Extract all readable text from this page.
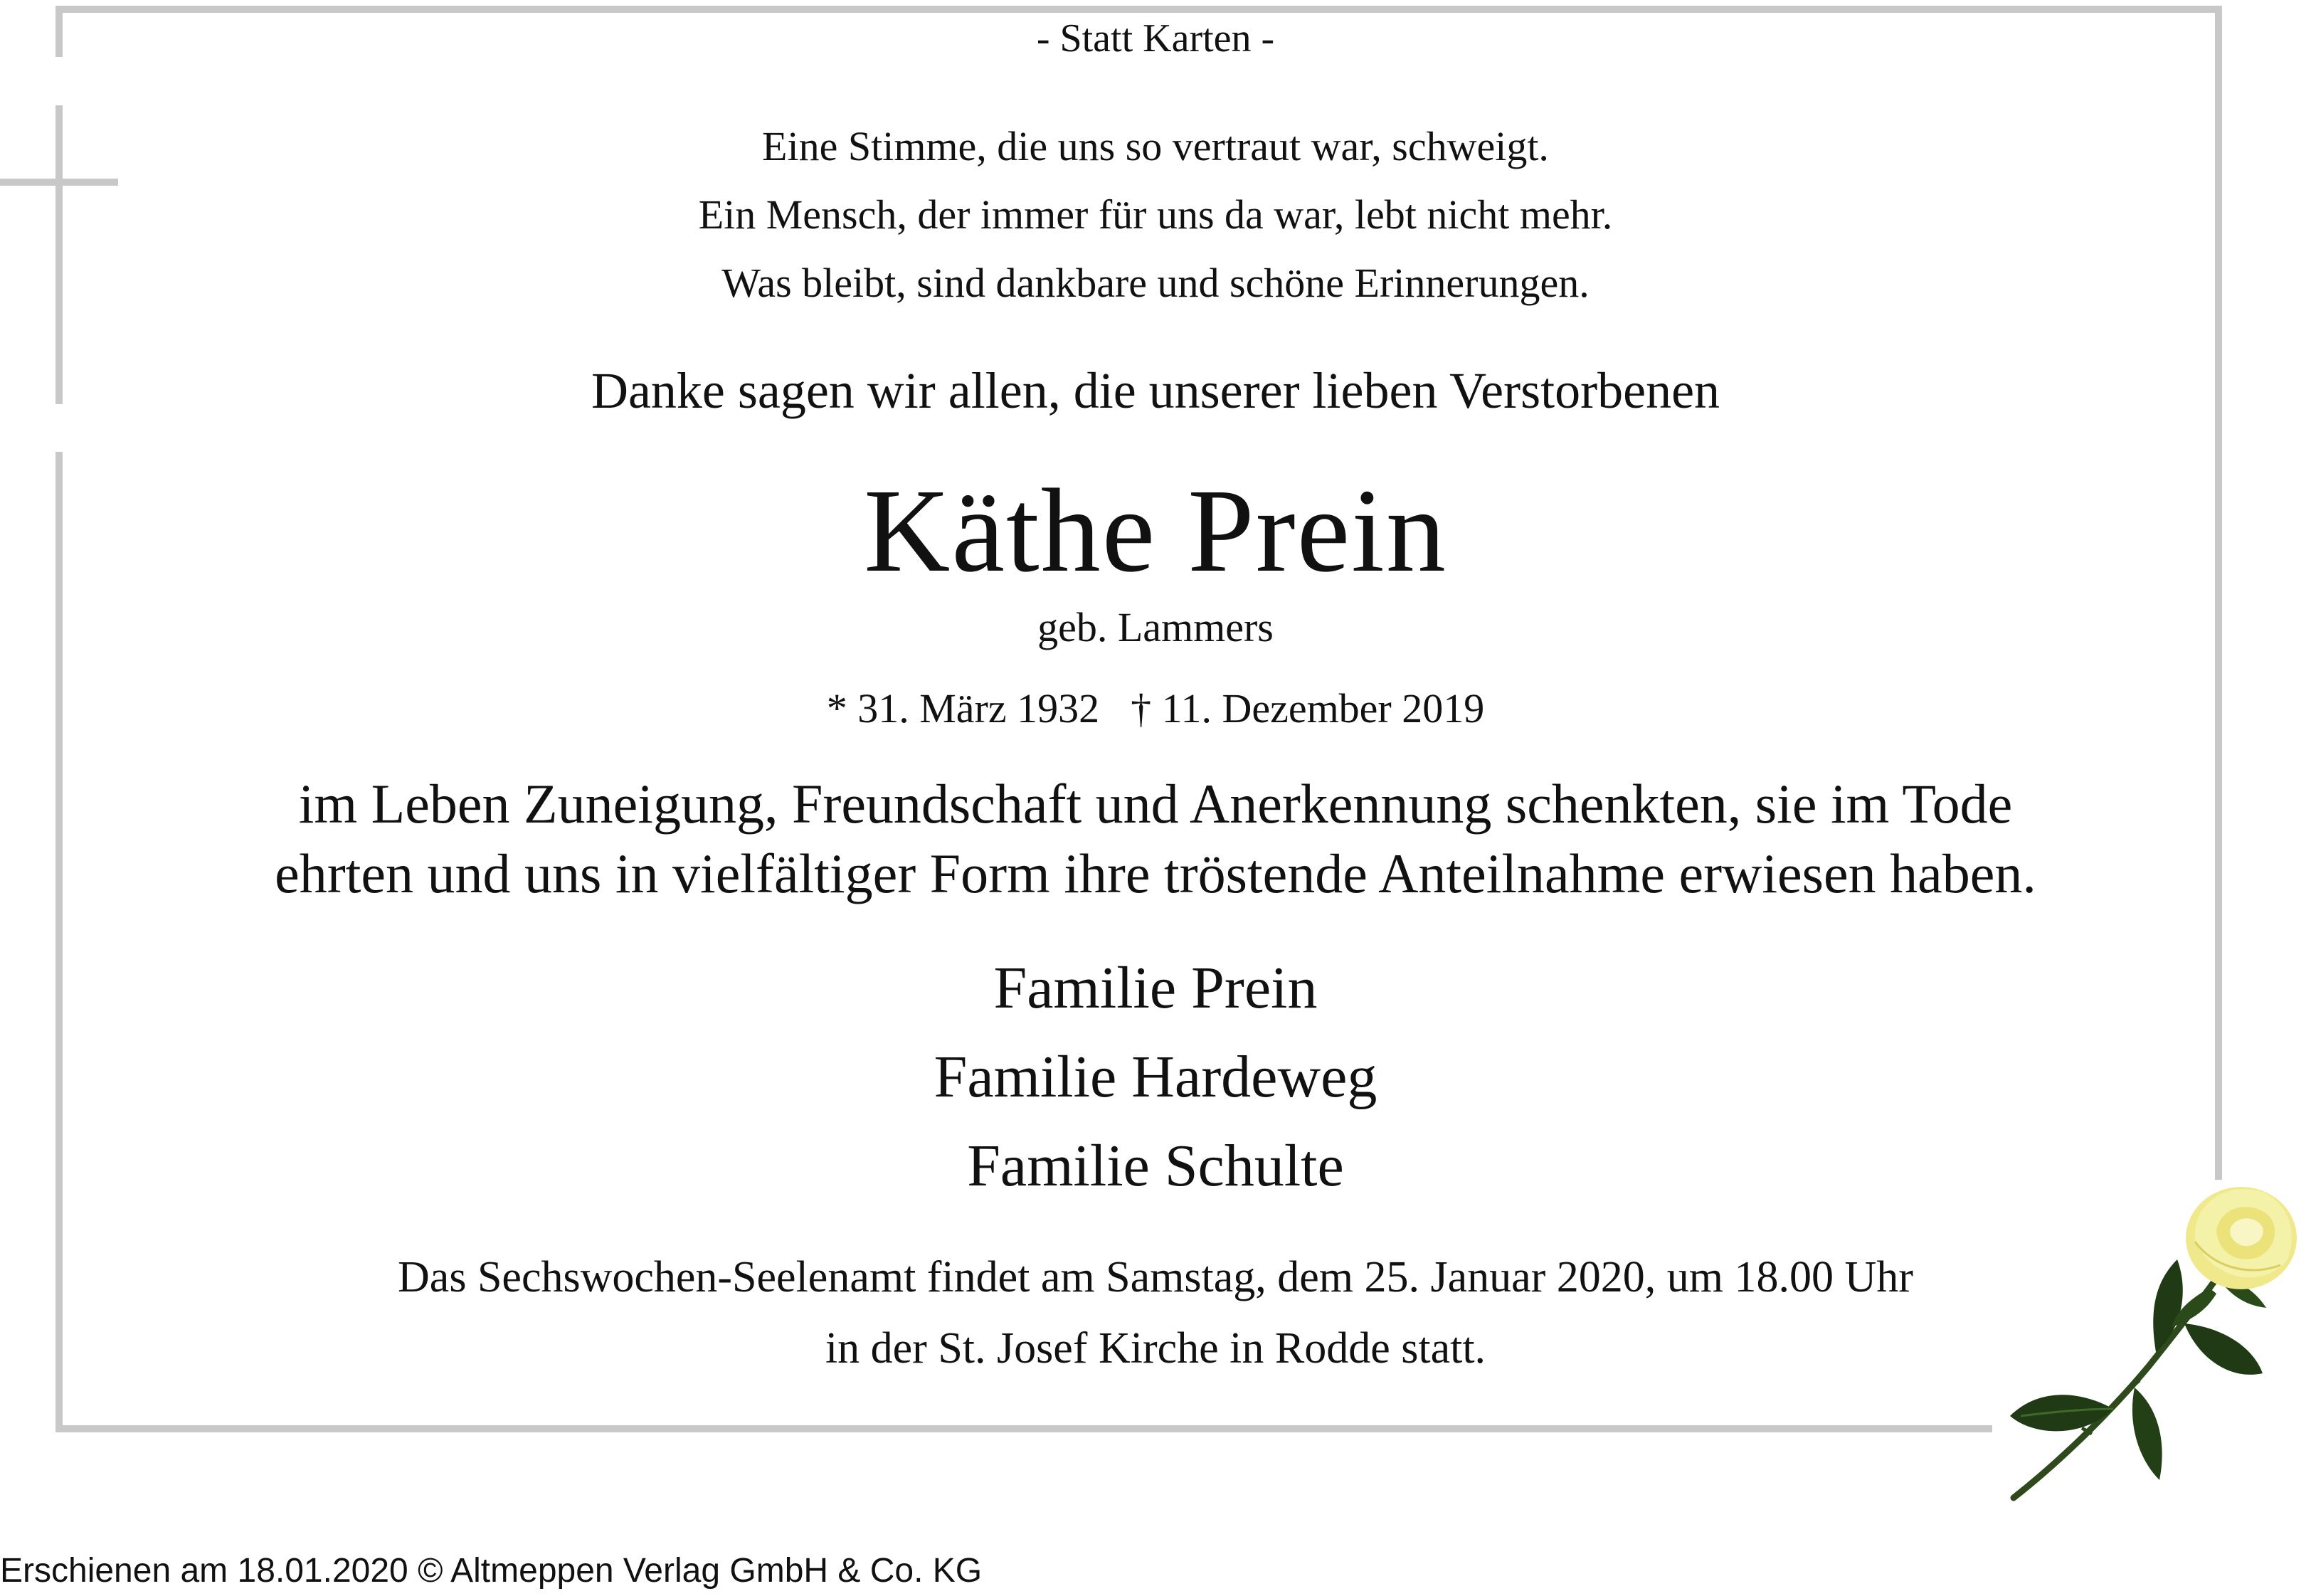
- Statt Karten -
Eine Stimme, die uns so vertraut war, schweigt.
Ein Mensch, der immer für uns da war, lebt nicht mehr.
Was bleibt, sind dankbare und schöne Erinnerungen.
Danke sagen wir allen, die unserer lieben Verstorbenen
Käthe Prein
geb. Lammers
* 31. März 1932 † 11. Dezember 2019
im Leben Zuneigung, Freundschaft und Anerkennung schenkten, sie im Tode
ehrten und uns in vielfältiger Form ihre tröstende Anteilnahme erwiesen haben.
Familie Prein
Familie Hardeweg
Familie Schulte
Das Sechswochen-Seelenamt findet am Samstag, dem 25. Januar 2020, um 18.00 Uhr
in der St. Josef Kirche in Rodde statt.
Erschienen am 18.01.2020 © Altmeppen Verlag GmbH & Co. KG
